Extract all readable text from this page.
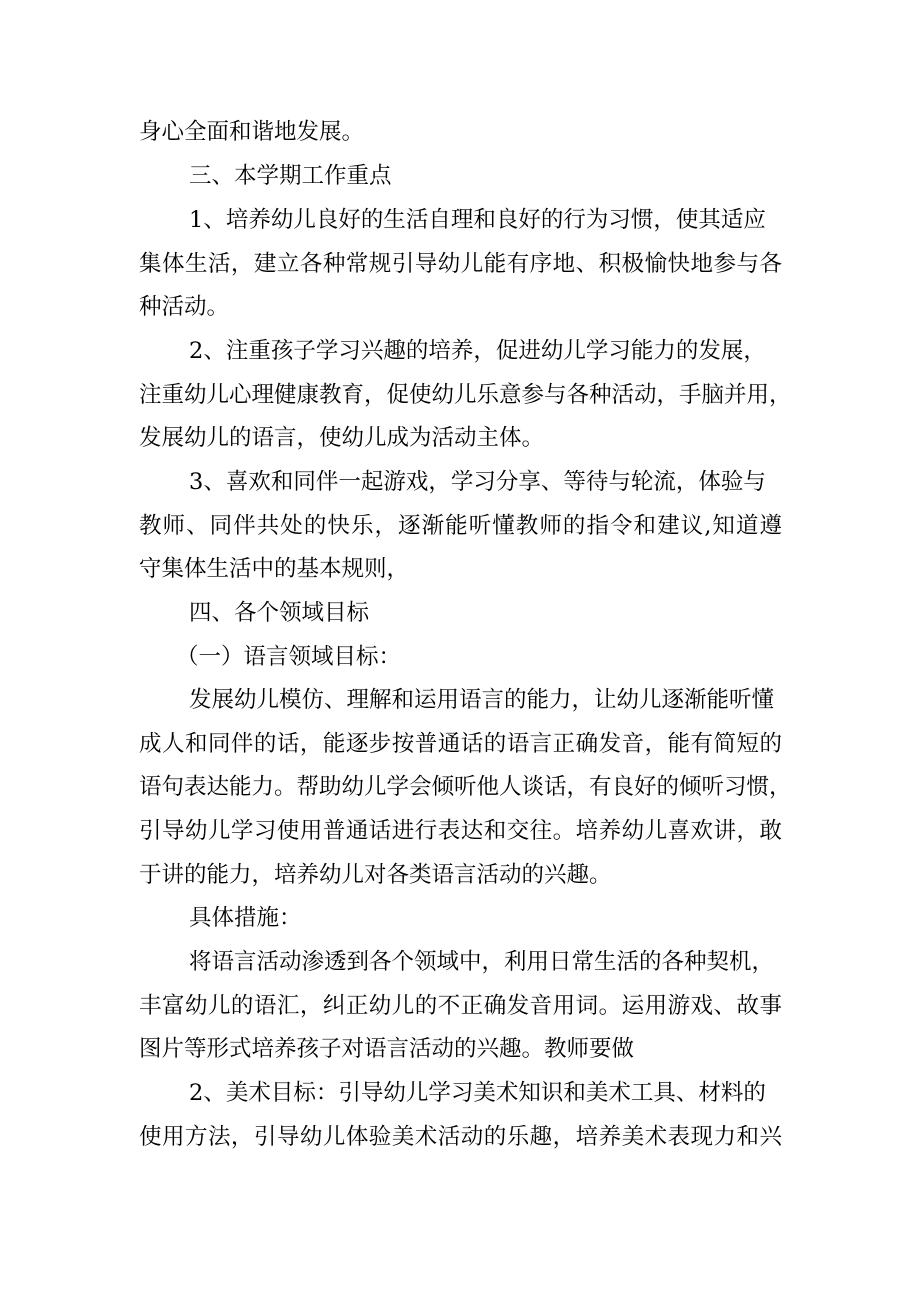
身心全面和谐地发展。
三、本学期工作重点
1、培养幼儿良好的生活自理和良好的行为习惯，使其适应
集体生活，建立各种常规引导幼儿能有序地、积极愉快地参与各
种活动。
2、注重孩子学习兴趣的培养，促进幼儿学习能力的发展，
注重幼儿心理健康教育，促使幼儿乐意参与各种活动，手脑并用，
发展幼儿的语言，使幼儿成为活动主体。
3、喜欢和同伴一起游戏，学习分享、等待与轮流，体验与
教师、同伴共处的快乐，逐渐能听懂教师的指令和建议,知道遵
守集体生活中的基本规则，
四、各个领域目标
（一）语言领域目标：
发展幼儿模仿、理解和运用语言的能力，让幼儿逐渐能听懂
成人和同伴的话，能逐步按普通话的语言正确发音，能有简短的
语句表达能力。帮助幼儿学会倾听他人谈话，有良好的倾听习惯，
引导幼儿学习使用普通话进行表达和交往。培养幼儿喜欢讲，敢
于讲的能力，培养幼儿对各类语言活动的兴趣。
具体措施：
将语言活动渗透到各个领域中，利用日常生活的各种契机，
丰富幼儿的语汇，纠正幼儿的不正确发音用词。运用游戏、故事
图片等形式培养孩子对语言活动的兴趣。教师要做
2、美术目标：引导幼儿学习美术知识和美术工具、材料的
使用方法，引导幼儿体验美术活动的乐趣，培养美术表现力和兴
